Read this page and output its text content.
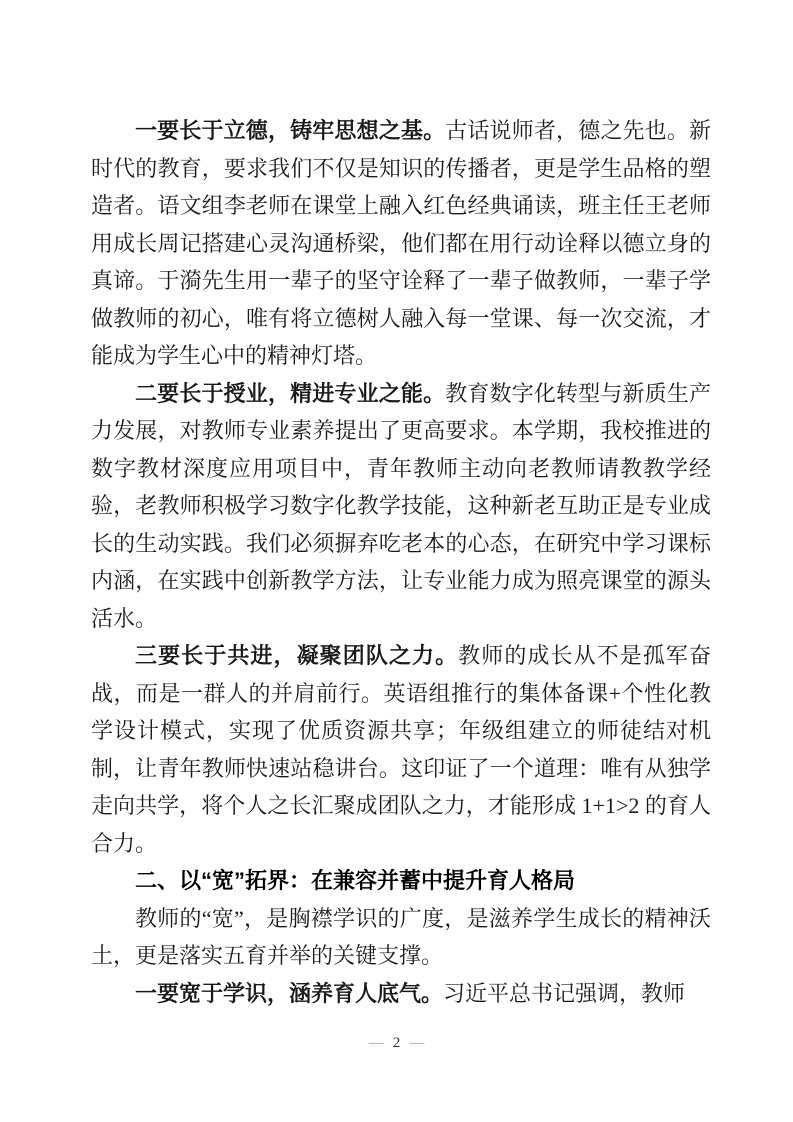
一要长于立德，铸牢思想之基。古话说师者，德之先也。新时代的教育，要求我们不仅是知识的传播者，更是学生品格的塑造者。语文组李老师在课堂上融入红色经典诵读，班主任王老师用成长周记搭建心灵沟通桥梁，他们都在用行动诠释以德立身的真谛。于漪先生用一辈子的坚守诠释了一辈子做教师，一辈子学做教师的初心，唯有将立德树人融入每一堂课、每一次交流，才能成为学生心中的精神灯塔。

二要长于授业，精进专业之能。教育数字化转型与新质生产力发展，对教师专业素养提出了更高要求。本学期，我校推进的数字教材深度应用项目中，青年教师主动向老教师请教教学经验，老教师积极学习数字化教学技能，这种新老互助正是专业成长的生动实践。我们必须摒弃吃老本的心态，在研究中学习课标内涵，在实践中创新教学方法，让专业能力成为照亮课堂的源头活水。

三要长于共进，凝聚团队之力。教师的成长从不是孤军奋战，而是一群人的并肩前行。英语组推行的集体备课+个性化教学设计模式，实现了优质资源共享；年级组建立的师徒结对机制，让青年教师快速站稳讲台。这印证了一个道理：唯有从独学走向共学，将个人之长汇聚成团队之力，才能形成 1+1>2 的育人合力。

二、以“宽”拓界：在兼容并蓄中提升育人格局

教师的“宽”，是胸襟学识的广度，是滋养学生成长的精神沃土，更是落实五育并举的关键支撑。

一要宽于学识，涵养育人底气。习近平总书记强调，教师

— 2 —
